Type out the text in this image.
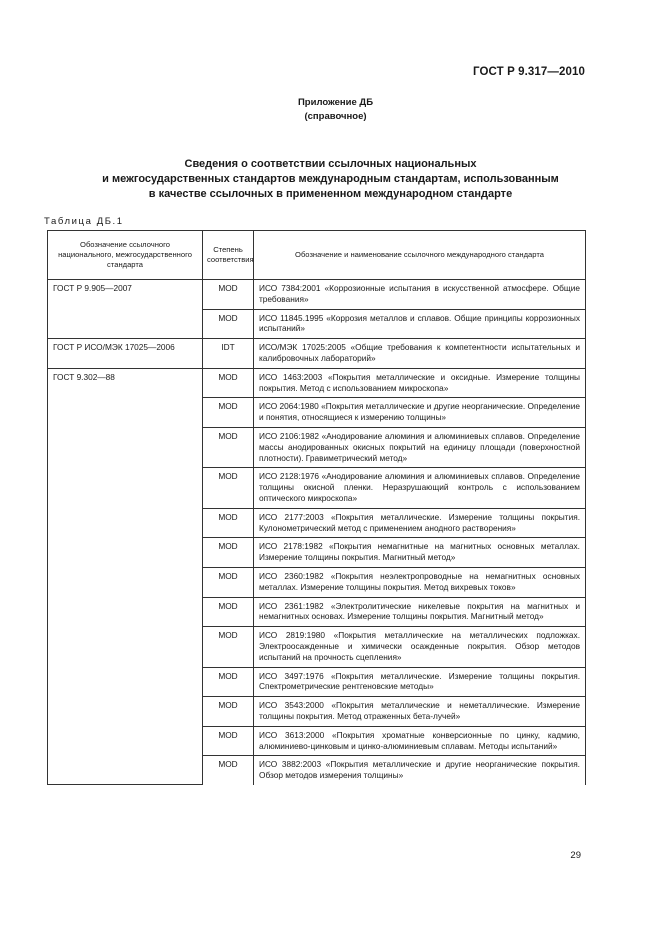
ГОСТ Р 9.317—2010
Приложение ДБ
(справочное)
Сведения о соответствии ссылочных национальных
и межгосударственных стандартов международным стандартам, использованным
в качестве ссылочных в примененном международном стандарте
Таблица ДБ.1
Обозначение ссылочного национального, межгосударственного стандарта	Степень соответствия	Обозначение и наименование ссылочного международного стандарта
ГОСТ Р 9.905—2007	MOD	ИСО 7384:2001 «Коррозионные испытания в искусственной атмосфере. Общие требования»
	MOD	ИСО 11845.1995 «Коррозия металлов и сплавов. Общие принципы коррозионных испытаний»
ГОСТ Р ИСО/МЭК 17025—2006	IDT	ИСО/МЭК 17025:2005 «Общие требования к компетентности испытательных и калибровочных лабораторий»
ГОСТ 9.302—88	MOD	ИСО 1463:2003 «Покрытия металлические и оксидные. Измерение толщины покрытия. Метод с использованием микроскопа»
	MOD	ИСО 2064:1980 «Покрытия металлические и другие неорганические. Определение и понятия, относящиеся к измерению толщины»
	MOD	ИСО 2106:1982 «Анодирование алюминия и алюминиевых сплавов. Определение массы анодированных окисных покрытий на единицу площади (поверхностной плотности). Гравиметрический метод»
	MOD	ИСО 2128:1976 «Анодирование алюминия и алюминиевых сплавов. Определение толщины окисной пленки. Неразрушающий контроль с использованием оптического микроскопа»
	MOD	ИСО 2177:2003 «Покрытия металлические. Измерение толщины покрытия. Кулонометрический метод с применением анодного растворения»
	MOD	ИСО 2178:1982 «Покрытия немагнитные на магнитных основных металлах. Измерение толщины покрытия. Магнитный метод»
	MOD	ИСО 2360:1982 «Покрытия неэлектропроводные на немагнитных основных металлах. Измерение толщины покрытия. Метод вихревых токов»
	MOD	ИСО 2361:1982 «Электролитические никелевые покрытия на магнитных и немагнитных основах. Измерение толщины покрытия. Магнитный метод»
	MOD	ИСО 2819:1980 «Покрытия металлические на металлических подложках. Электроосажденные и химически осажденные покрытия. Обзор методов испытаний на прочность сцепления»
	MOD	ИСО 3497:1976 «Покрытия металлические. Измерение толщины покрытия. Спектрометрические рентгеновские методы»
	MOD	ИСО 3543:2000 «Покрытия металлические и неметаллические. Измерение толщины покрытия. Метод отраженных бета-лучей»
	MOD	ИСО 3613:2000 «Покрытия хроматные конверсионные по цинку, кадмию, алюминиево-цинковым и цинко-алюминиевым сплавам. Методы испытаний»
	MOD	ИСО 3882:2003 «Покрытия металлические и другие неорганические покрытия. Обзор методов измерения толщины»
29
